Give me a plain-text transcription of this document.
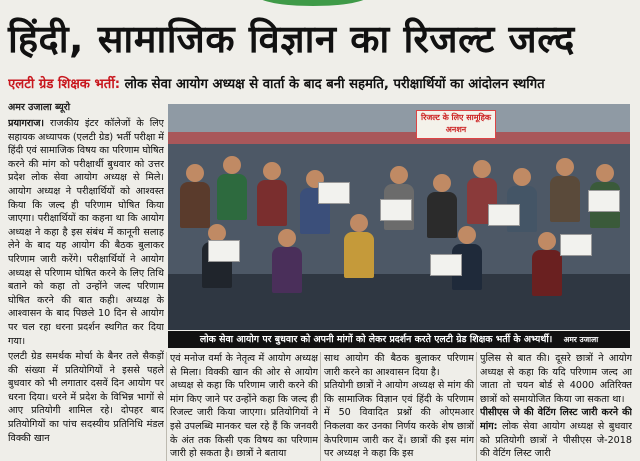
हिंदी, सामाजिक विज्ञान का रिजल्ट जल्द
एलटी ग्रेड शिक्षक भर्ती: लोक सेवा आयोग अध्यक्ष से वार्ता के बाद बनी सहमति, परीक्षार्थियों का आंदोलन स्थगित
अमर उजाला ब्यूरो
रिजल्ट के लिए सामूहिक अनशन
लोक सेवा आयोग पर बुधवार को अपनी मांगों को लेकर प्रदर्शन करते एलटी ग्रेड शिक्षक भर्ती के अभ्यर्थी। अमर उजाला

प्रयागराज। राजकीय इंटर कॉलेजों के लिए सहायक अध्यापक (एलटी ग्रेड) भर्ती परीक्षा में हिंदी एवं सामाजिक विषय का परिणाम घोषित करने की मांग को परीक्षार्थी बुधवार को उत्तर प्रदेश लोक सेवा आयोग अध्यक्ष से मिले। आयोग अध्यक्ष ने परीक्षार्थियों को आश्वस्त किया कि जल्द ही परिणाम घोषित किया जाएगा। परीक्षार्थियों का कहना था कि आयोग अध्यक्ष ने कहा है इस संबंध में कानूनी सलाह लेने के बाद यह आयोग की बैठक बुलाकर परिणाम जारी करेंगे। परीक्षार्थियों ने आयोग अध्यक्ष से परिणाम घोषित करने के लिए तिथि बताने को कहा तो उन्होंने जल्द परिणाम घोषित करने की बात कही। अध्यक्ष के आश्वासन के बाद पिछले 10 दिन से आयोग पर चल रहा धरना प्रदर्शन स्थगित कर दिया गया।

एलटी ग्रेड समर्थक मोर्चा के बैनर तले सैकड़ों की संख्या में प्रतियोगियों ने इससे पहले बुधवार को भी लगातार दसवें दिन आयोग पर धरना दिया। धरने में प्रदेश के विभिन्न भागों से आए प्रतियोगी शामिल रहे। दोपहर बाद प्रतियोगियों का पांच सदस्यीय प्रतिनिधि मंडल विक्की खान

एवं मनोज वर्मा के नेतृत्व में आयोग अध्यक्ष से मिला। विक्की खान की ओर से आयोग अध्यक्ष से कहा कि परिणाम जारी करने की मांग किए जाने पर उन्होंने कहा कि जल्द ही रिजल्ट जारी किया जाएगा। प्रतियोगियों ने इसे उपलब्धि मानकर चल रहे हैं कि जनवरी के अंत तक किसी एक विषय का परिणाम जारी हो सकता है। छात्रों ने बताया

साथ आयोग की बैठक बुलाकर परिणाम जारी करने का आश्वासन दिया है।

प्रतियोगी छात्रों ने आयोग अध्यक्ष से मांग की कि सामाजिक विज्ञान एवं हिंदी के परिणाम में 50 विवादित प्रश्नों की ओएमआर निकलवा कर उनका निर्णय करके शेष छात्रों केपरिणाम जारी कर दें। छात्रों की इस मांग पर अध्यक्ष ने कहा कि इस

पुलिस से बात की। दूसरे छात्रों ने आयोग अध्यक्ष से कहा कि यदि परिणाम जल्द आ जाता तो चयन बोर्ड से 4000 अतिरिक्त छात्रों को समायोजित किया जा सकता था।

पीसीएस जे की वेटिंग लिस्ट जारी करने की मांग: लोक सेवा आयोग अध्यक्ष से बुधवार को प्रतियोगी छात्रों ने पीसीएस जे-2018 की वेटिंग लिस्ट जारी
